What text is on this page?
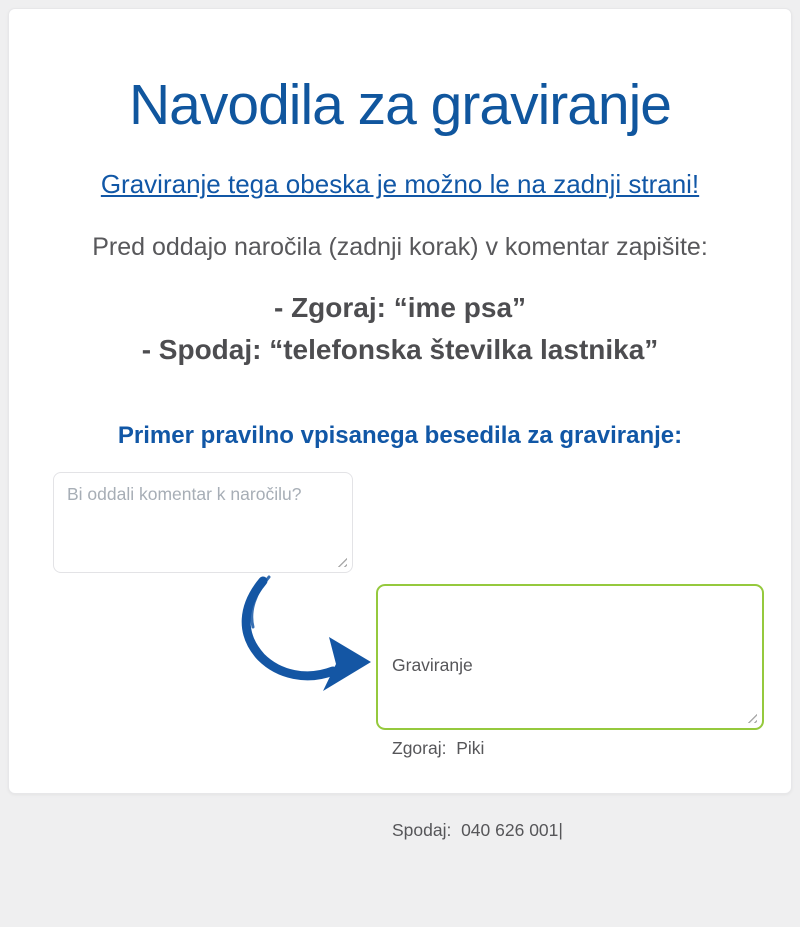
Navodila za graviranje
Graviranje tega obeska je možno le na zadnji strani!

Pred oddajo naročila (zadnji korak) v komentar zapišite:

- Zgoraj: “ime psa”
- Spodaj: “telefonska številka lastnika”

Primer pravilno vpisanega besedila za graviranje:

Bi oddali komentar k naročilu?

Graviranje

Zgoraj:  Piki

Spodaj:  040 626 001|
